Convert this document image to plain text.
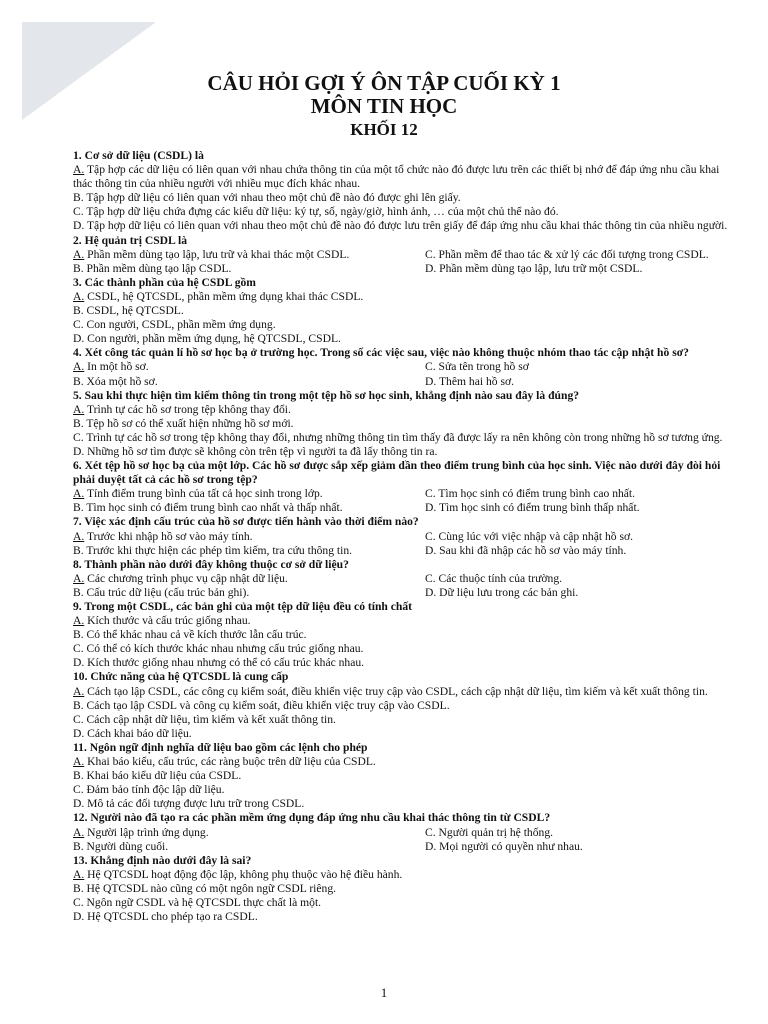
CÂU HỎI GỢI Ý ÔN TẬP CUỐI KỲ 1
MÔN TIN HỌC
KHỐI 12
1. Cơ sở dữ liệu (CSDL) là
A. Tập hợp các dữ liệu có liên quan với nhau chứa thông tin của một tổ chức nào đó được lưu trên các thiết bị nhớ để đáp ứng nhu cầu khai thác thông tin của nhiều người với nhiều mục đích khác nhau.
B. Tập hợp dữ liệu có liên quan với nhau theo một chủ đề nào đó được ghi lên giấy.
C. Tập hợp dữ liệu chứa đựng các kiểu dữ liệu: ký tự, số, ngày/giờ, hình ảnh, … của một chủ thể nào đó.
D. Tập hợp dữ liệu có liên quan với nhau theo một chủ đề nào đó được lưu trên giấy để đáp ứng nhu cầu khai thác thông tin của nhiều người.
2. Hệ quản trị CSDL là
A. Phần mềm dùng tạo lập, lưu trữ và khai thác một CSDL.	C. Phần mềm để thao tác & xử lý các đối tượng trong CSDL.
B. Phần mềm dùng tạo lập CSDL.	D. Phần mềm dùng tạo lập, lưu trữ một CSDL.
3. Các thành phần của hệ CSDL gồm
A. CSDL, hệ QTCSDL, phần mềm ứng dụng khai thác CSDL.
B. CSDL, hệ QTCSDL.
C. Con người, CSDL, phần mềm ứng dụng.
D. Con người, phần mềm ứng dụng, hệ QTCSDL, CSDL.
4. Xét công tác quản lí hồ sơ học bạ ở trường học. Trong số các việc sau, việc nào không thuộc nhóm thao tác cập nhật hồ sơ?
A. In một hồ sơ.	C. Sửa tên trong hồ sơ
B. Xóa một hồ sơ.	D. Thêm hai hồ sơ.
5. Sau khi thực hiện tìm kiếm thông tin trong một tệp hồ sơ học sinh, khẳng định nào sau đây là đúng?
A. Trình tự các hồ sơ trong tệp không thay đổi.
B. Tệp hồ sơ có thể xuất hiện những hồ sơ mới.
C. Trình tự các hồ sơ trong tệp không thay đổi, nhưng những thông tin tìm thấy đã được lấy ra nên không còn trong những hồ sơ tương ứng.
D. Những hồ sơ tìm được sẽ không còn trên tệp vì người ta đã lấy thông tin ra.
6. Xét tệp hồ sơ học bạ của một lớp. Các hồ sơ được sắp xếp giảm dần theo điểm trung bình của học sinh. Việc nào dưới đây đòi hỏi phải duyệt tất cả các hồ sơ trong tệp?
A. Tính điểm trung bình của tất cả học sinh trong lớp.	C. Tìm học sinh có điểm trung bình cao nhất.
B. Tìm học sinh có điểm trung bình cao nhất và thấp nhất.	D. Tìm học sinh có điểm trung bình thấp nhất.
7. Việc xác định cấu trúc của hồ sơ được tiến hành vào thời điểm nào?
A. Trước khi nhập hồ sơ vào máy tính.	C. Cùng lúc với việc nhập và cập nhật hồ sơ.
B. Trước khi thực hiện các phép tìm kiếm, tra cứu thông tin.	D. Sau khi đã nhập các hồ sơ vào máy tính.
8. Thành phần nào dưới đây không thuộc cơ sở dữ liệu?
A. Các chương trình phục vụ cập nhật dữ liệu.	C. Các thuộc tính của trường.
B. Cấu trúc dữ liệu (cấu trúc bản ghi).	D. Dữ liệu lưu trong các bản ghi.
9. Trong một CSDL, các bản ghi của một tệp dữ liệu đều có tính chất
A. Kích thước và cấu trúc giống nhau.
B. Có thể khác nhau cả về kích thước lẫn cấu trúc.
C. Có thể có kích thước khác nhau nhưng cấu trúc giống nhau.
D. Kích thước giống nhau nhưng có thể có cấu trúc khác nhau.
10. Chức năng của hệ QTCSDL là cung cấp
A. Cách tạo lập CSDL, các công cụ kiểm soát, điều khiển việc truy cập vào CSDL, cách cập nhật dữ liệu, tìm kiếm và kết xuất thông tin.
B. Cách tạo lập CSDL và công cụ kiểm soát, điều khiển việc truy cập vào CSDL.
C. Cách cập nhật dữ liệu, tìm kiếm và kết xuất thông tin.
D. Cách khai báo dữ liệu.
11. Ngôn ngữ định nghĩa dữ liệu bao gồm các lệnh cho phép
A. Khai báo kiểu, cấu trúc, các ràng buộc trên dữ liệu của CSDL.
B. Khai báo kiểu dữ liệu của CSDL.
C. Đảm bảo tính độc lập dữ liệu.
D. Mô tả các đối tượng được lưu trữ trong CSDL.
12. Người nào đã tạo ra các phần mềm ứng dụng đáp ứng nhu cầu khai thác thông tin từ CSDL?
A. Người lập trình ứng dụng.	C. Người quản trị hệ thống.
B. Người dùng cuối.	D. Mọi người có quyền như nhau.
13. Khẳng định nào dưới đây là sai?
A. Hệ QTCSDL hoạt động độc lập, không phụ thuộc vào hệ điều hành.
B. Hệ QTCSDL nào cũng có một ngôn ngữ CSDL riêng.
C. Ngôn ngữ CSDL và hệ QTCSDL thực chất là một.
D. Hệ QTCSDL cho phép tạo ra CSDL.
1
